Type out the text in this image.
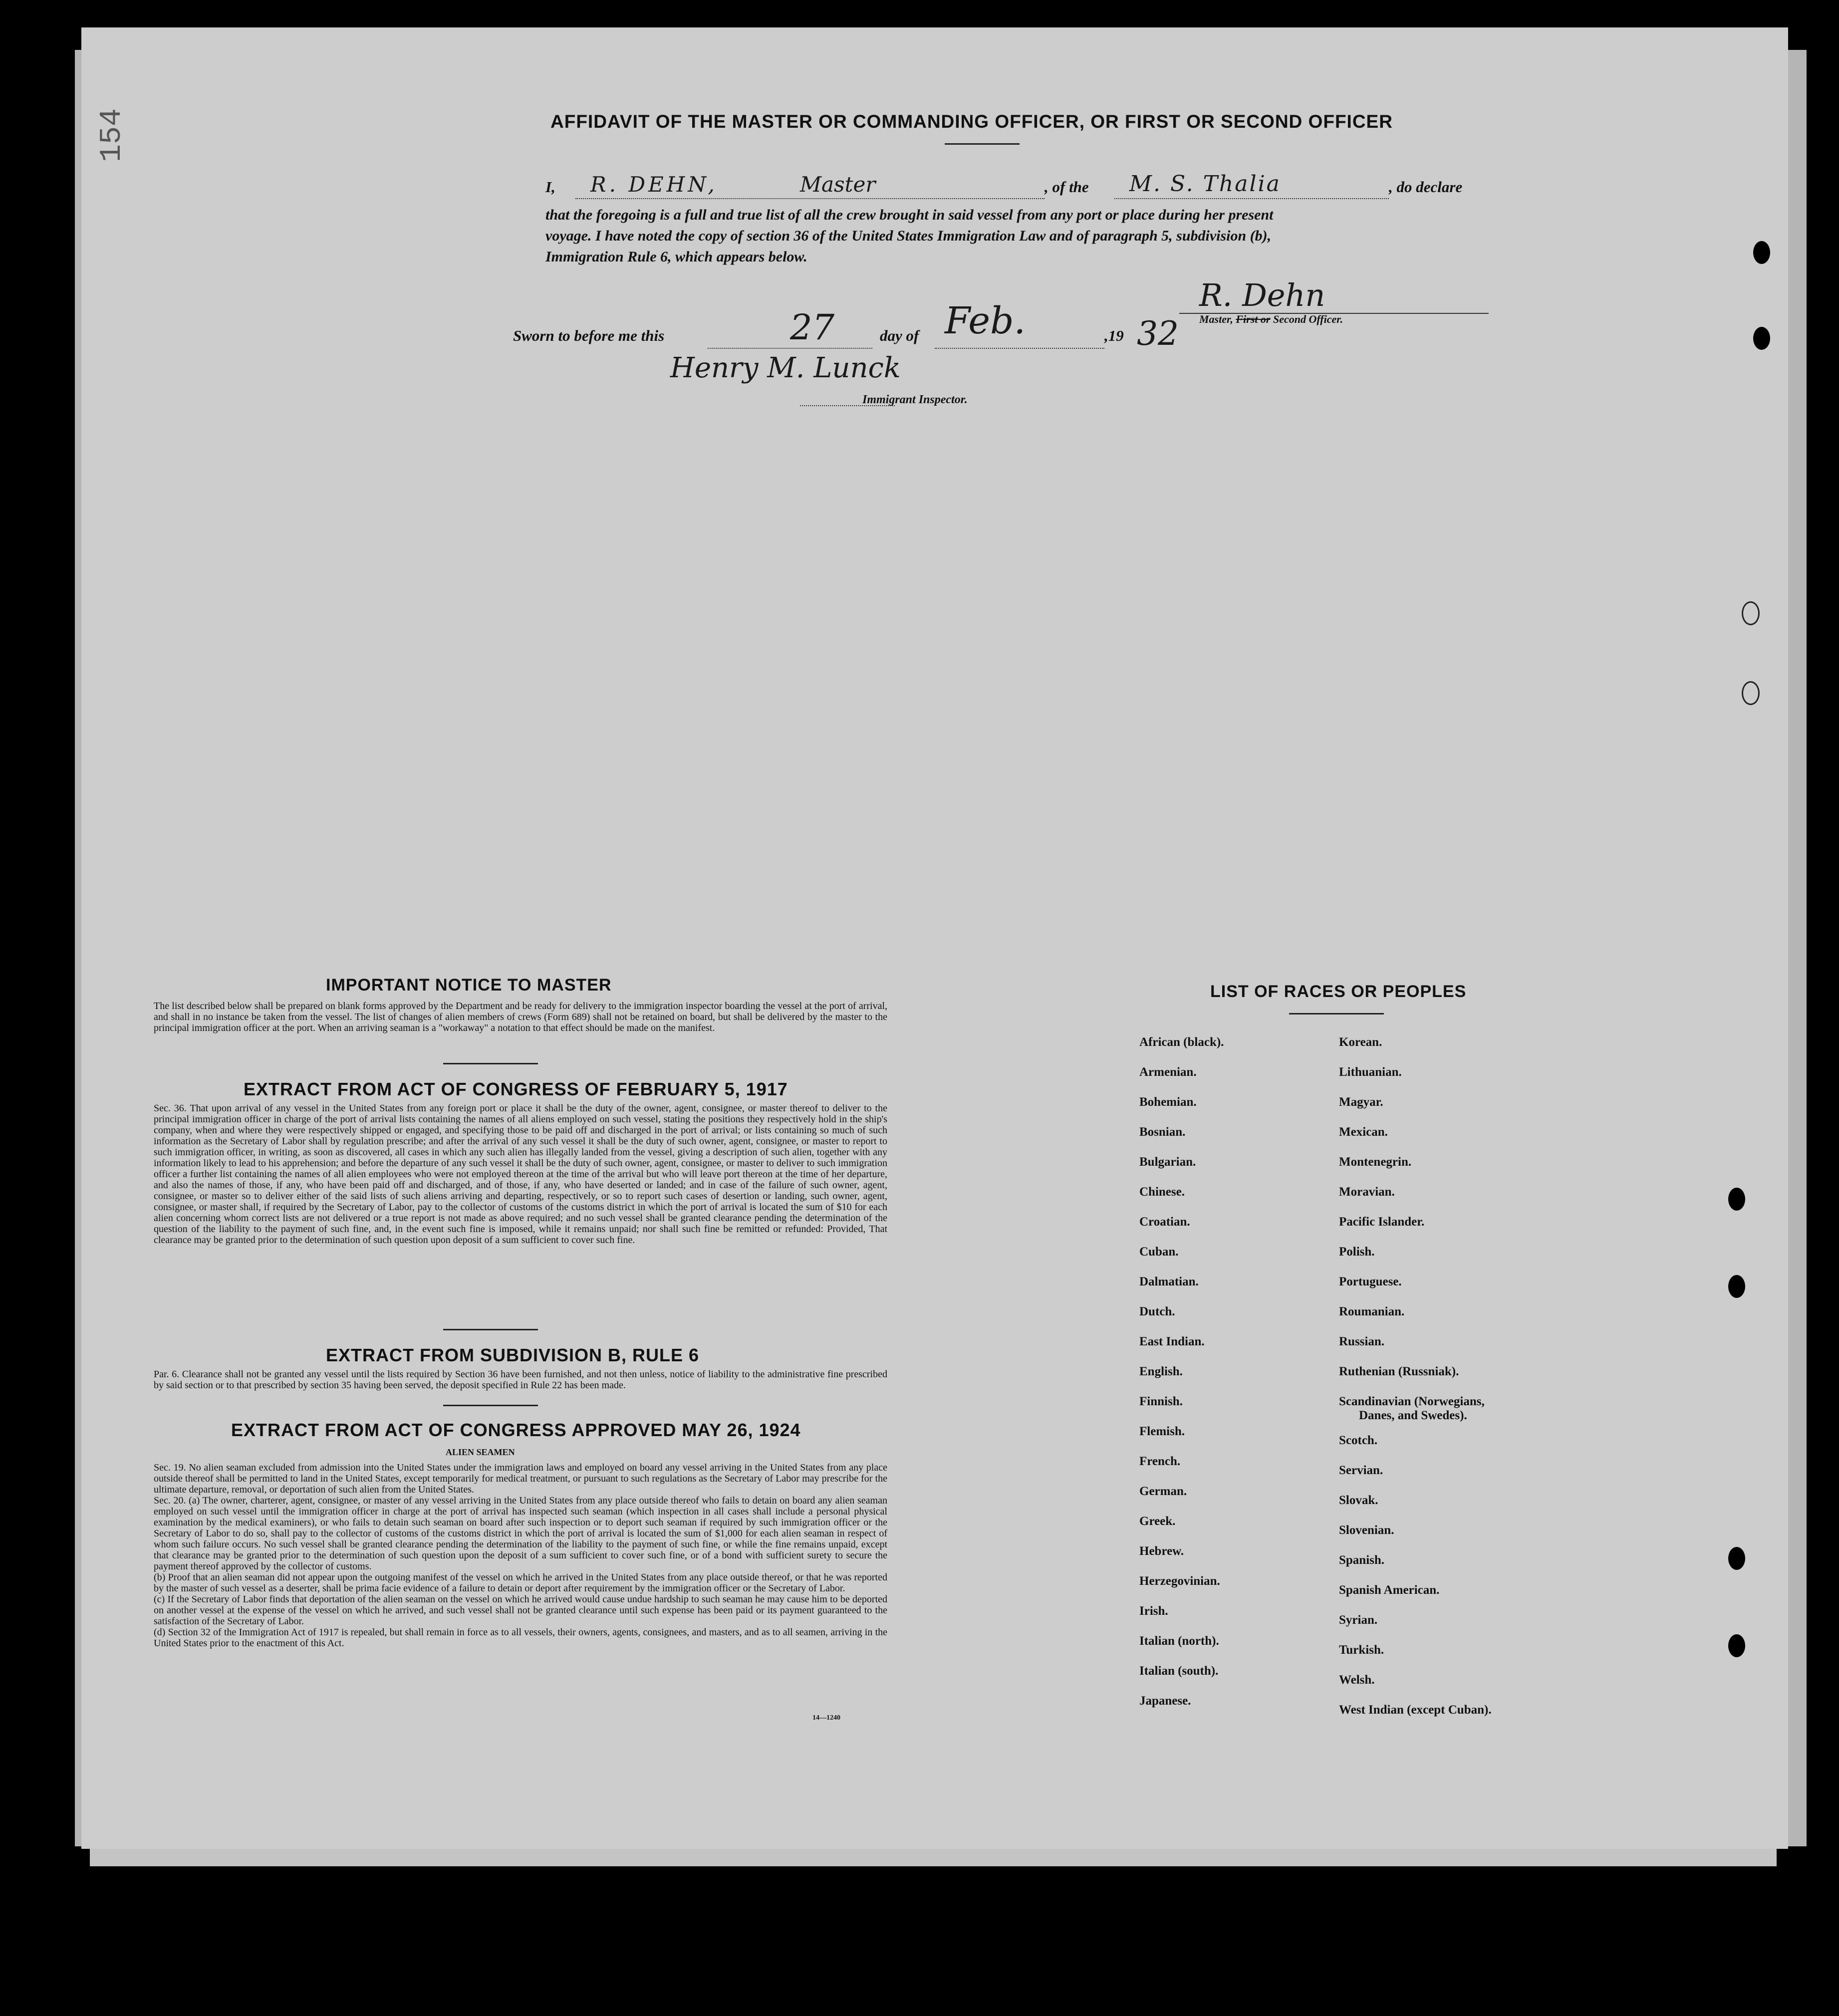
154	AFFIDAVIT OF THE MASTER OR COMMANDING OFFICER, OR FIRST OR SECOND OFFICER
I, R. DEHN,	Master	, of the M. S. Thalia	, do declare
that the foregoing is a full and true list of all the crew brought in said vessel from any port or place during her present
voyage. I have noted the copy of section 36 of the United States Immigration Law and of paragraph 5, subdivision (b),
Immigration Rule 6, which appears below.
R. Dehn
Master, First or Second Officer.
Sworn to before me this	27	day of Feb.	,19 32
Henry M. Lunck
Immigrant Inspector.
IMPORTANT NOTICE TO MASTER
The list described below shall be prepared on blank forms approved by the Department and be ready for delivery to the immigration inspector boarding the vessel at the port of arrival, and shall in no instance be taken from the vessel. The list of changes of alien members of crews (Form 689) shall not be retained on board, but shall be delivered by the master to the principal immigration officer at the port. When an arriving seaman is a "workaway" a notation to that effect should be made on the manifest.
EXTRACT FROM ACT OF CONGRESS OF FEBRUARY 5, 1917
Sec. 36. That upon arrival of any vessel in the United States from any foreign port or place it shall be the duty of the owner, agent, consignee, or master thereof to deliver to the principal immigration officer in charge of the port of arrival lists containing the names of all aliens employed on such vessel, stating the positions they respectively hold in the ship's company, when and where they were respectively shipped or engaged, and specifying those to be paid off and discharged in the port of arrival; or lists containing so much of such information as the Secretary of Labor shall by regulation prescribe; and after the arrival of any such vessel it shall be the duty of such owner, agent, consignee, or master to report to such immigration officer, in writing, as soon as discovered, all cases in which any such alien has illegally landed from the vessel, giving a description of such alien, together with any information likely to lead to his apprehension; and before the departure of any such vessel it shall be the duty of such owner, agent, consignee, or master to deliver to such immigration officer a further list containing the names of all alien employees who were not employed thereon at the time of the arrival but who will leave port thereon at the time of her departure, and also the names of those, if any, who have been paid off and discharged, and of those, if any, who have deserted or landed; and in case of the failure of such owner, agent, consignee, or master so to deliver either of the said lists of such aliens arriving and departing, respectively, or so to report such cases of desertion or landing, such owner, agent, consignee, or master shall, if required by the Secretary of Labor, pay to the collector of customs of the customs district in which the port of arrival is located the sum of $10 for each alien concerning whom correct lists are not delivered or a true report is not made as above required; and no such vessel shall be granted clearance pending the determination of the question of the liability to the payment of such fine, and, in the event such fine is imposed, while it remains unpaid; nor shall such fine be remitted or refunded: Provided, That clearance may be granted prior to the determination of such question upon deposit of a sum sufficient to cover such fine.
EXTRACT FROM SUBDIVISION B, RULE 6
Par. 6. Clearance shall not be granted any vessel until the lists required by Section 36 have been furnished, and not then unless, notice of liability to the administrative fine prescribed by said section or to that prescribed by section 35 having been served, the deposit specified in Rule 22 has been made.
EXTRACT FROM ACT OF CONGRESS APPROVED MAY 26, 1924
ALIEN SEAMEN
Sec. 19. No alien seaman excluded from admission into the United States under the immigration laws and employed on board any vessel arriving in the United States from any place outside thereof shall be permitted to land in the United States, except temporarily for medical treatment, or pursuant to such regulations as the Secretary of Labor may prescribe for the ultimate departure, removal, or deportation of such alien from the United States.
Sec. 20. (a) The owner, charterer, agent, consignee, or master of any vessel arriving in the United States from any place outside thereof who fails to detain on board any alien seaman employed on such vessel until the immigration officer in charge at the port of arrival has inspected such seaman (which inspection in all cases shall include a personal physical examination by the medical examiners), or who fails to detain such seaman on board after such inspection or to deport such seaman if required by such immigration officer or the Secretary of Labor to do so, shall pay to the collector of customs of the customs district in which the port of arrival is located the sum of $1,000 for each alien seaman in respect of whom such failure occurs. No such vessel shall be granted clearance pending the determination of the liability to the payment of such fine, or while the fine remains unpaid, except that clearance may be granted prior to the determination of such question upon the deposit of a sum sufficient to cover such fine, or of a bond with sufficient surety to secure the payment thereof approved by the collector of customs.
(b) Proof that an alien seaman did not appear upon the outgoing manifest of the vessel on which he arrived in the United States from any place outside thereof, or that he was reported by the master of such vessel as a deserter, shall be prima facie evidence of a failure to detain or deport after requirement by the immigration officer or the Secretary of Labor.
(c) If the Secretary of Labor finds that deportation of the alien seaman on the vessel on which he arrived would cause undue hardship to such seaman he may cause him to be deported on another vessel at the expense of the vessel on which he arrived, and such vessel shall not be granted clearance until such expense has been paid or its payment guaranteed to the satisfaction of the Secretary of Labor.
(d) Section 32 of the Immigration Act of 1917 is repealed, but shall remain in force as to all vessels, their owners, agents, consignees, and masters, and as to all seamen, arriving in the United States prior to the enactment of this Act.
14—1240
LIST OF RACES OR PEOPLES
African (black).
Armenian.
Bohemian.
Bosnian.
Bulgarian.
Chinese.
Croatian.
Cuban.
Dalmatian.
Dutch.
East Indian.
English.
Finnish.
Flemish.
French.
German.
Greek.
Hebrew.
Herzegovinian.
Irish.
Italian (north).
Italian (south).
Japanese.
Korean.
Lithuanian.
Magyar.
Mexican.
Montenegrin.
Moravian.
Pacific Islander.
Polish.
Portuguese.
Roumanian.
Russian.
Ruthenian (Russniak).
Scandinavian (Norwegians,
Danes, and Swedes).
Scotch.
Servian.
Slovak.
Slovenian.
Spanish.
Spanish American.
Syrian.
Turkish.
Welsh.
West Indian (except Cuban).
